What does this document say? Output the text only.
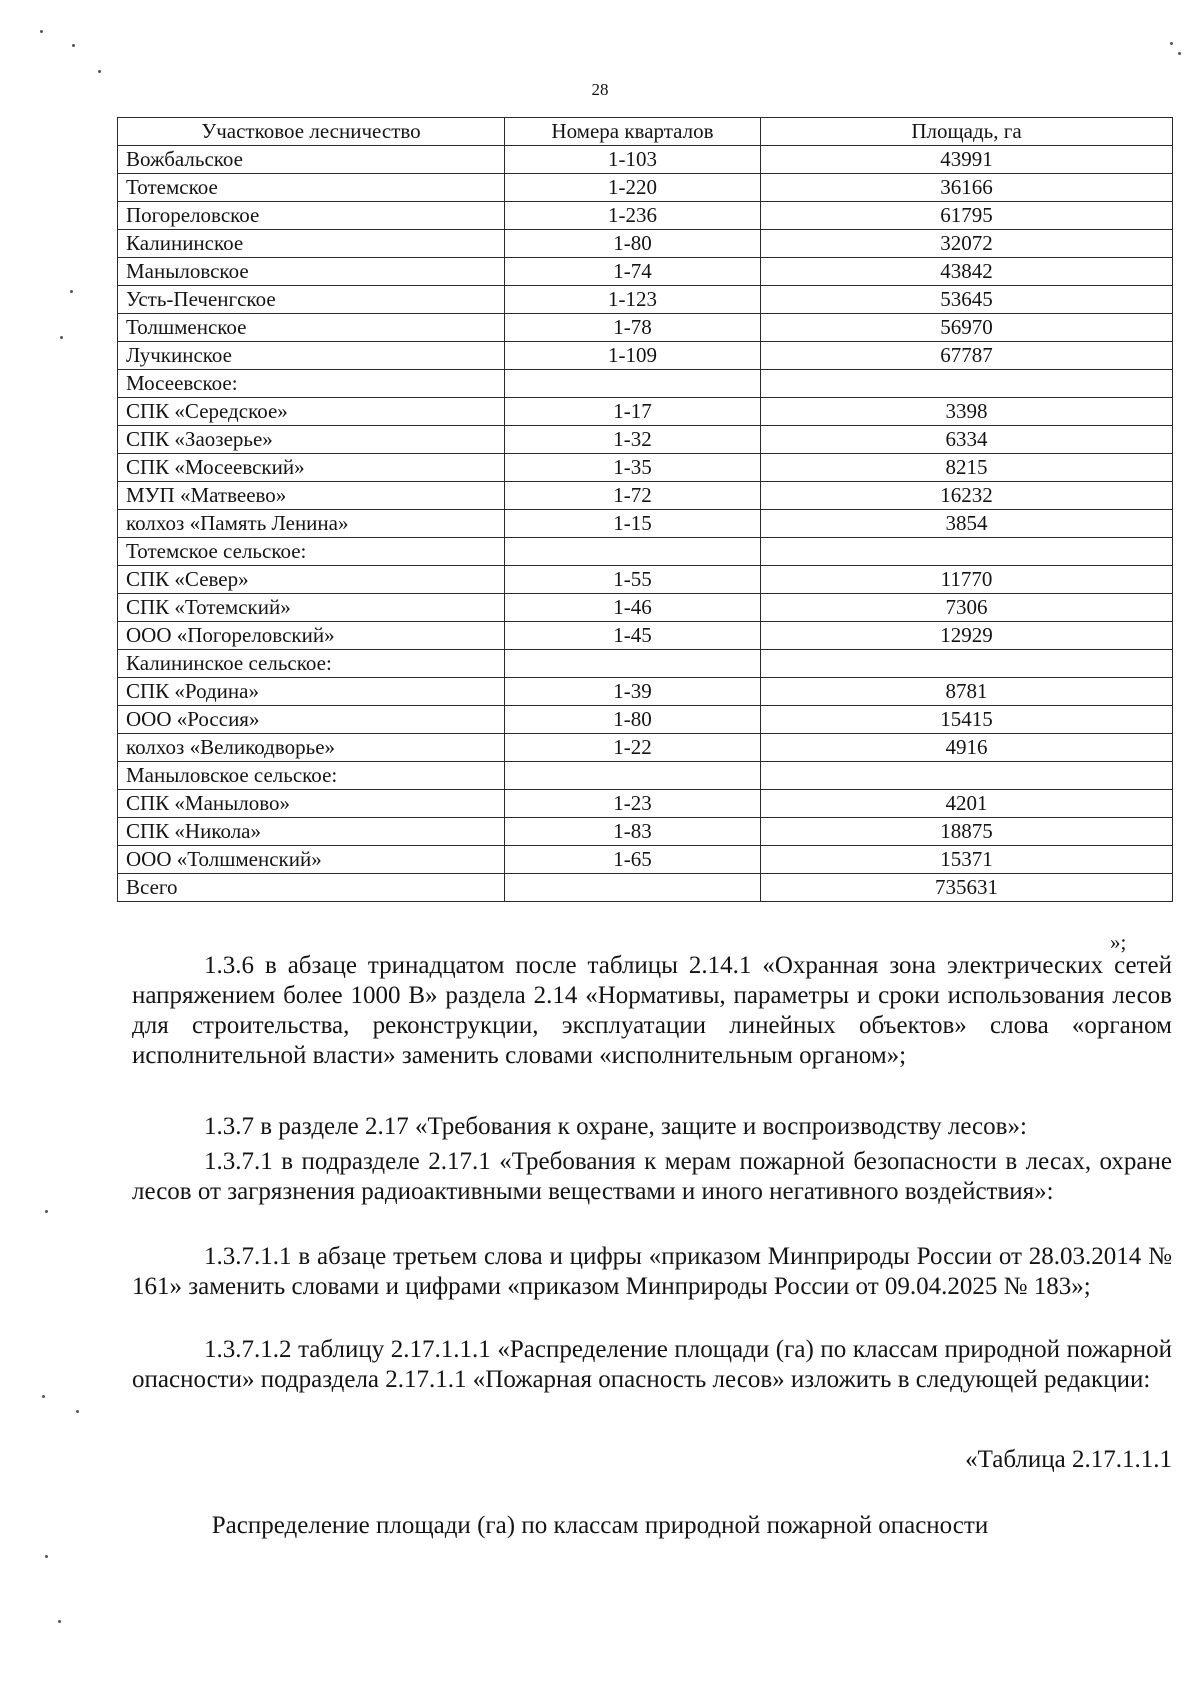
28
Участковое лесничество	Номера кварталов	Площадь, га
Вожбальское	1-103	43991
Тотемское	1-220	36166
Погореловское	1-236	61795
Калининское	1-80	32072
Маныловское	1-74	43842
Усть-Печенгское	1-123	53645
Толшменское	1-78	56970
Лучкинское	1-109	67787
Мосеевское:		
СПК «Середское»	1-17	3398
СПК «Заозерье»	1-32	6334
СПК «Мосеевский»	1-35	8215
МУП «Матвеево»	1-72	16232
колхоз «Память Ленина»	1-15	3854
Тотемское сельское:		
СПК «Север»	1-55	11770
СПК «Тотемский»	1-46	7306
ООО «Погореловский»	1-45	12929
Калининское сельское:		
СПК «Родина»	1-39	8781
ООО «Россия»	1-80	15415
колхоз «Великодворье»	1-22	4916
Маныловское сельское:		
СПК «Манылово»	1-23	4201
СПК «Никола»	1-83	18875
ООО «Толшменский»	1-65	15371
Всего		735631
»;
1.3.6 в абзаце тринадцатом после таблицы 2.14.1 «Охранная зона электрических сетей напряжением более 1000 В» раздела 2.14 «Нормативы, параметры и сроки использования лесов для строительства, реконструкции, эксплуатации линейных объектов» слова «органом исполнительной власти» заменить словами «исполнительным органом»;
1.3.7 в разделе 2.17 «Требования к охране, защите и воспроизводству лесов»:
1.3.7.1 в подразделе 2.17.1 «Требования к мерам пожарной безопасности в лесах, охране лесов от загрязнения радиоактивными веществами и иного негативного воздействия»:
1.3.7.1.1 в абзаце третьем слова и цифры «приказом Минприроды России от 28.03.2014 № 161» заменить словами и цифрами «приказом Минприроды России от 09.04.2025 № 183»;
1.3.7.1.2 таблицу 2.17.1.1.1 «Распределение площади (га) по классам природной пожарной опасности» подраздела 2.17.1.1 «Пожарная опасность лесов» изложить в следующей редакции:
«Таблица 2.17.1.1.1
Распределение площади (га) по классам природной пожарной опасности
